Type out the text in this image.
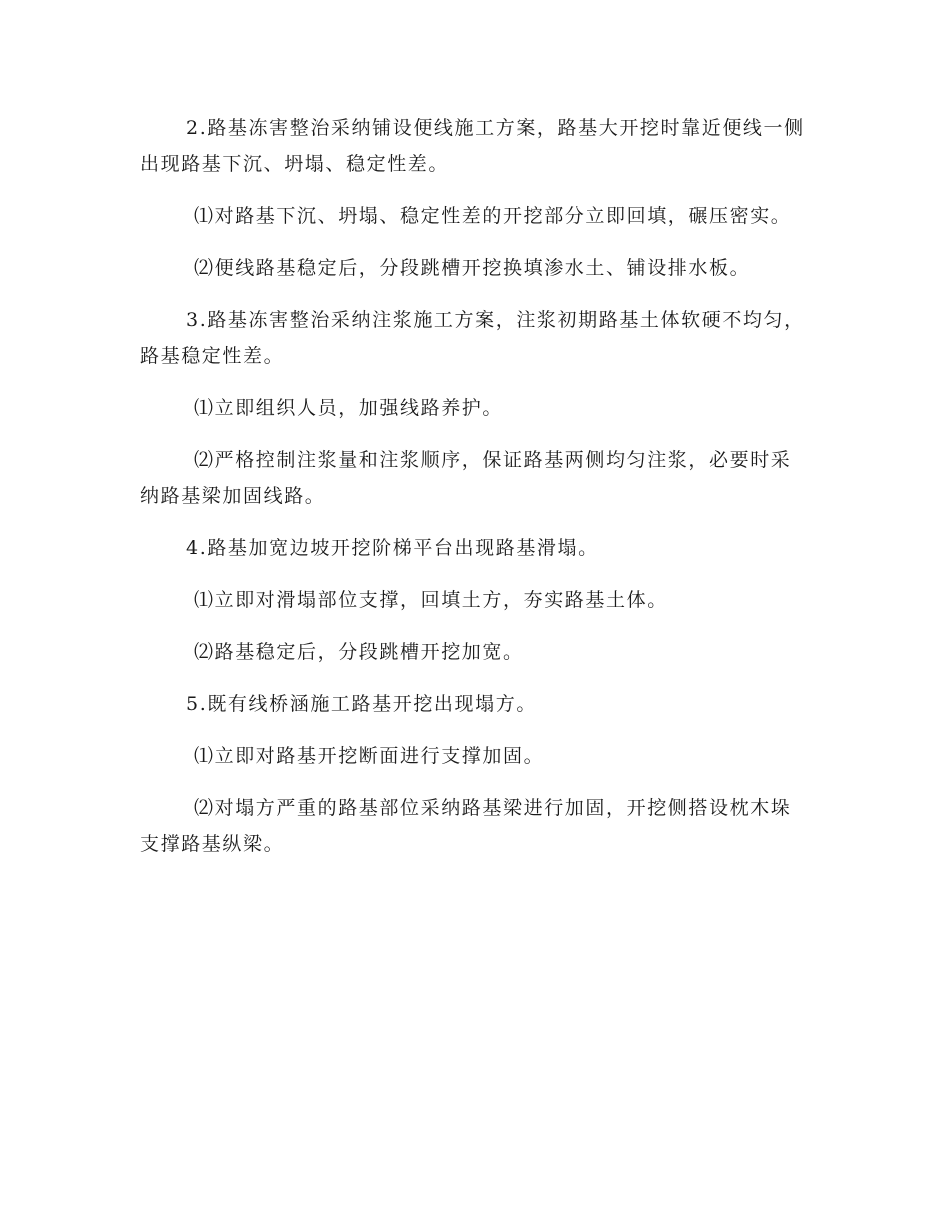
2.路基冻害整治采纳铺设便线施工方案，路基大开挖时靠近便线一侧出现路基下沉、坍塌、稳定性差。

⑴对路基下沉、坍塌、稳定性差的开挖部分立即回填，碾压密实。

⑵便线路基稳定后，分段跳槽开挖换填渗水土、铺设排水板。

3.路基冻害整治采纳注浆施工方案，注浆初期路基土体软硬不均匀，路基稳定性差。

⑴立即组织人员，加强线路养护。

⑵严格控制注浆量和注浆顺序，保证路基两侧均匀注浆，必要时采纳路基梁加固线路。

4.路基加宽边坡开挖阶梯平台出现路基滑塌。

⑴立即对滑塌部位支撑，回填土方，夯实路基土体。

⑵路基稳定后，分段跳槽开挖加宽。

5.既有线桥涵施工路基开挖出现塌方。

⑴立即对路基开挖断面进行支撑加固。

⑵对塌方严重的路基部位采纳路基梁进行加固，开挖侧搭设枕木垛支撑路基纵梁。
